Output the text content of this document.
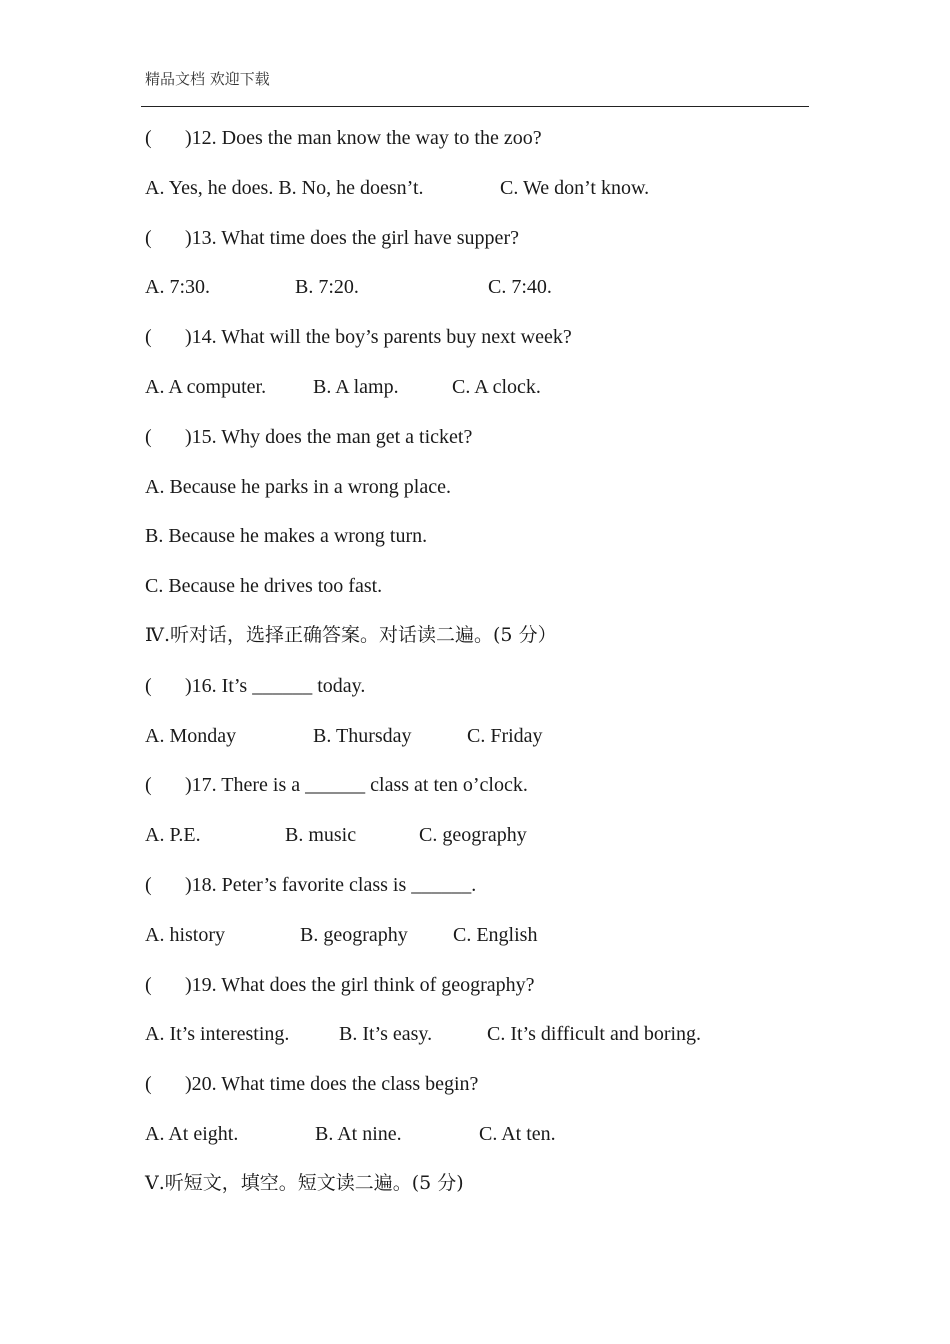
精品文档 欢迎下载
( )12. Does the man know the way to the zoo?
A. Yes, he does. B. No, he doesn’t.	C. We don’t know.
( )13. What time does the girl have supper?
A. 7:30.	B. 7:20.	C. 7:40.
( )14. What will the boy’s parents buy next week?
A. A computer. B. A lamp.	C. A clock.
( )15. Why does the man get a ticket?
A. Because he parks in a wrong place.
B. Because he makes a wrong turn.
C. Because he drives too fast.
Ⅳ.听对话，选择正确答案。对话读二遍。(5 分）
( )16. It’s ______ today.
A. Monday	B. Thursday	C. Friday
( )17. There is a ______ class at ten o’clock.
A. P.E.	B. music	C. geography
( )18. Peter’s favorite class is ______.
A. history	B. geography C. English
( )19. What does the girl think of geography?
A. It’s interesting. B. It’s easy.	C. It’s difficult and boring.
( )20. What time does the class begin?
A. At eight.	B. At nine.	C. At ten.
Ⅴ.听短文，填空。短文读二遍。(5 分)
